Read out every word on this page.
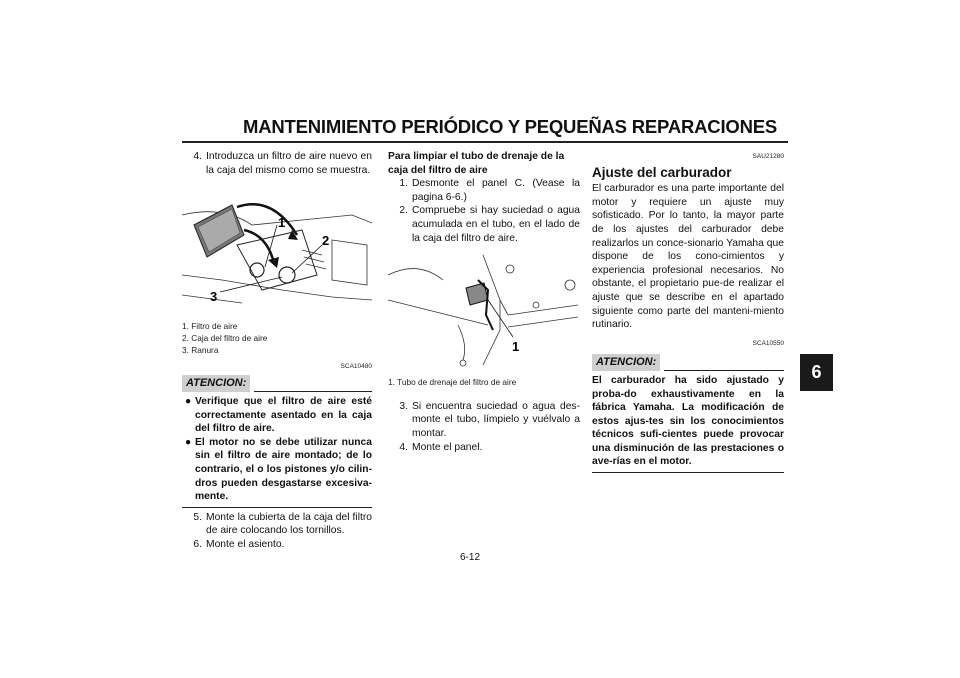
MANTENIMIENTO PERIÓDICO Y PEQUEÑAS REPARACIONES
6
4. Introduzca un filtro de aire nuevo en la caja del mismo como se muestra.
1
2
3
1. Filtro de aire
2. Caja del filtro de aire
3. Ranura
SCA10480
ATENCION:
● Verifique que el filtro de aire esté correctamente asentado en la caja del filtro de aire.
● El motor no se debe utilizar nunca sin el filtro de aire montado; de lo contrario, el o los pistones y/o cilin-dros pueden desgastarse excesiva-mente.
5. Monte la cubierta de la caja del filtro de aire colocando los tornillos.
6. Monte el asiento.
Para limpiar el tubo de drenaje de la caja del filtro de aire
1. Desmonte el panel C. (Vease la pagina 6-6.)
2. Compruebe si hay suciedad o agua acumulada en el tubo, en el lado de la caja del filtro de aire.
1
1. Tubo de drenaje del filtro de aire
3. Si encuentra suciedad o agua des-monte el tubo, límpielo y vuélvalo a montar.
4. Monte el panel.
SAU21280
Ajuste del carburador
El carburador es una parte importante del motor y requiere un ajuste muy sofisticado. Por lo tanto, la mayor parte de los ajustes del carburador debe realizarlos un conce-sionario Yamaha que dispone de los cono-cimientos y experiencia profesional necesarios. No obstante, el propietario pue-de realizar el ajuste que se describe en el apartado siguiente como parte del manteni-miento rutinario.
SCA10550
ATENCION:
El carburador ha sido ajustado y proba-do exhaustivamente en la fábrica Yamaha. La modificación de estos ajus-tes sin los conocimientos técnicos sufi-cientes puede provocar una disminución de las prestaciones o ave-rías en el motor.
6-12
